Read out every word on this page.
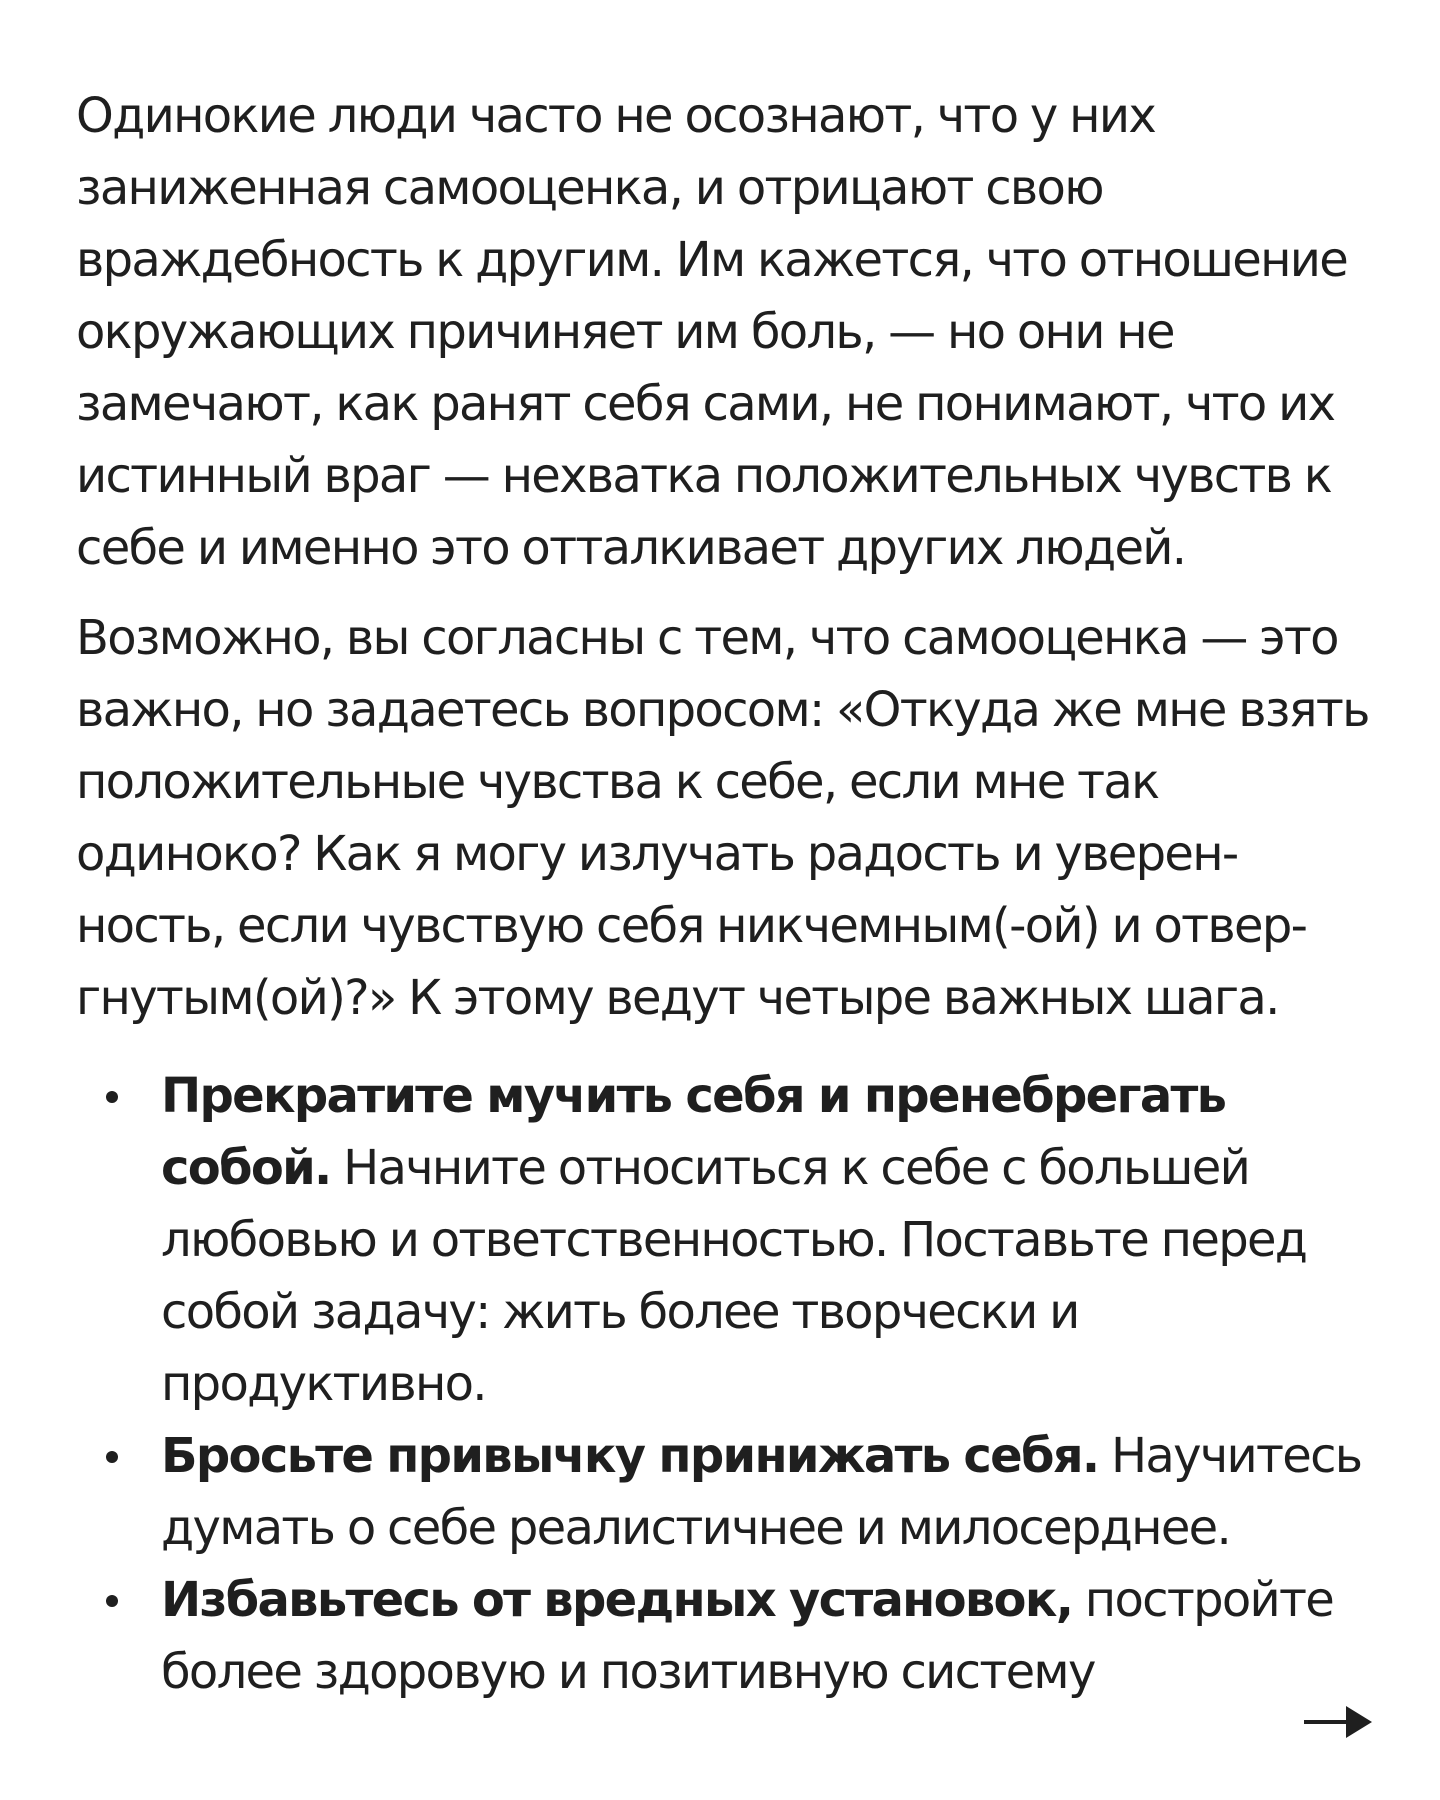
Одинокие люди часто не осознают, что у них заниженная самооценка, и отрицают свою враждебность к другим. Им кажется, что отношение окружающих причиняет им боль, — но они не замечают, как ранят себя сами, не понимают, что их истинный враг — нехватка положительных чувств к себе и именно это отталкивает других людей.

Возможно, вы согласны с тем, что самооценка — это важно, но задаетесь вопросом: «Откуда же мне взять положительные чувства к себе, если мне так одиноко? Как я могу излучать радость и уверенность, если чувствую себя никчемным(-ой) и отвергнутым(ой)?» К этому ведут четыре важных шага.

Прекратите мучить себя и пренебрегать собой. Начните относиться к себе с большей любовью и ответственностью. Поставьте перед собой задачу: жить более творчески и продуктивно.
Бросьте привычку принижать себя. Научитесь думать о себе реалистичнее и милосерднее.
Избавьтесь от вредных установок, постройте более здоровую и позитивную систему
